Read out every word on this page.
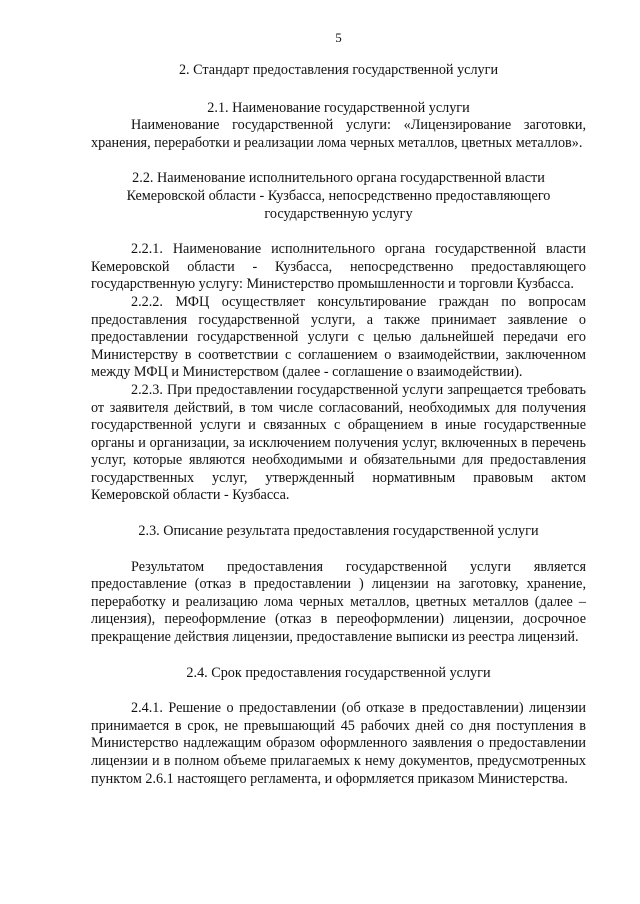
5

2. Стандарт предоставления государственной услуги

2.1. Наименование государственной услуги

Наименование государственной услуги: «Лицензирование заготовки, хранения, переработки и реализации лома черных металлов, цветных металлов».

2.2. Наименование исполнительного органа государственной власти

Кемеровской области - Кузбасса, непосредственно предоставляющего

государственную услугу

2.2.1. Наименование исполнительного органа государственной власти Кемеровской области - Кузбасса, непосредственно предоставляющего государственную услугу: Министерство промышленности и торговли Кузбасса.

2.2.2. МФЦ осуществляет консультирование граждан по вопросам предоставления государственной услуги, а также принимает заявление о предоставлении государственной услуги с целью дальнейшей передачи его Министерству в соответствии с соглашением о взаимодействии, заключенном между МФЦ и Министерством (далее - соглашение о взаимодействии).

2.2.3. При предоставлении государственной услуги запрещается требовать от заявителя действий, в том числе согласований, необходимых для получения государственной услуги и связанных с обращением в иные государственные органы и организации, за исключением получения услуг, включенных в перечень услуг, которые являются необходимыми и обязательными для предоставления государственных услуг, утвержденный нормативным правовым актом Кемеровской области - Кузбасса.

2.3. Описание результата предоставления государственной услуги

Результатом предоставления государственной услуги является предоставление (отказ в предоставлении ) лицензии на заготовку, хранение, переработку и реализацию лома черных металлов, цветных металлов (далее – лицензия), переоформление (отказ в переоформлении) лицензии, досрочное прекращение действия лицензии, предоставление выписки из реестра лицензий.

2.4. Срок предоставления государственной услуги

2.4.1. Решение о предоставлении (об отказе в предоставлении) лицензии принимается в срок, не превышающий 45 рабочих дней со дня поступления в Министерство надлежащим образом оформленного заявления о предоставлении лицензии и в полном объеме прилагаемых к нему документов, предусмотренных пунктом 2.6.1 настоящего регламента, и оформляется приказом Министерства.
